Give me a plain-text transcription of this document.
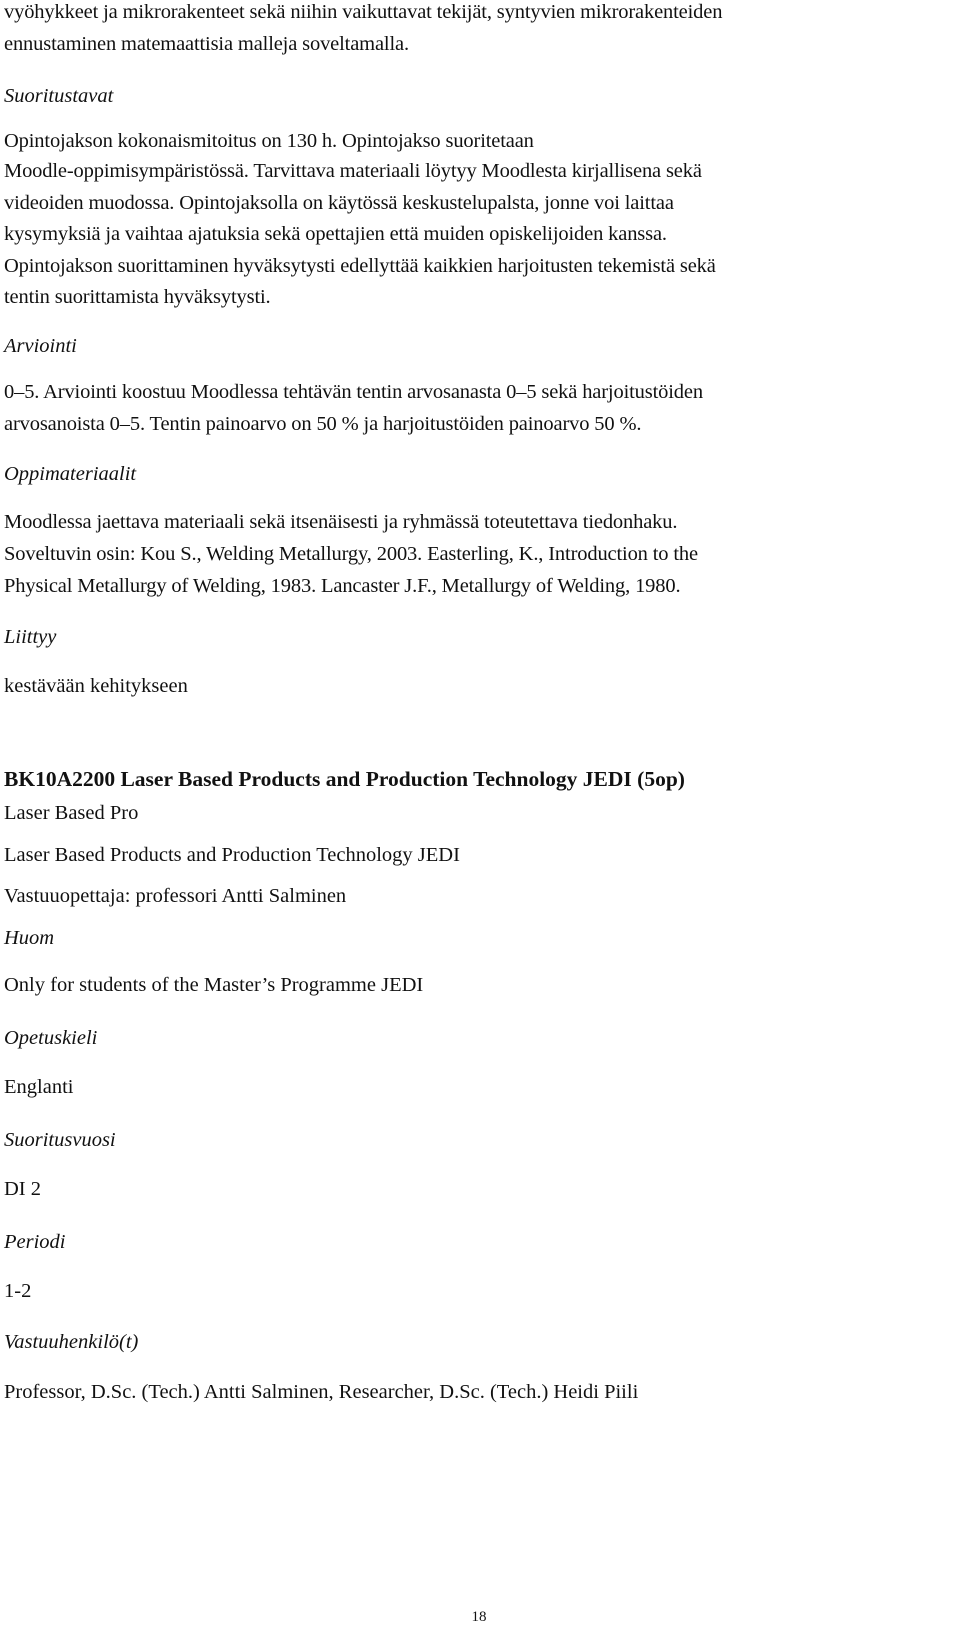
vyöhykkeet ja mikrorakenteet sekä niihin vaikuttavat tekijät, syntyvien mikrorakenteiden
ennustaminen matemaattisia malleja soveltamalla.
Suoritustavat
Opintojakson kokonaismitoitus on 130 h. Opintojakso suoritetaan
Moodle-oppimisympäristössä. Tarvittava materiaali löytyy Moodlesta kirjallisena sekä
videoiden muodossa. Opintojaksolla on käytössä keskustelupalsta, jonne voi laittaa
kysymyksiä ja vaihtaa ajatuksia sekä opettajien että muiden opiskelijoiden kanssa.
Opintojakson suorittaminen hyväksytysti edellyttää kaikkien harjoitusten tekemistä sekä
tentin suorittamista hyväksytysti.
Arviointi
0–5. Arviointi koostuu Moodlessa tehtävän tentin arvosanasta 0–5 sekä harjoitustöiden
arvosanoista 0–5. Tentin painoarvo on 50 % ja harjoitustöiden painoarvo 50 %.
Oppimateriaalit
Moodlessa jaettava materiaali sekä itsenäisesti ja ryhmässä toteutettava tiedonhaku.
Soveltuvin osin: Kou S., Welding Metallurgy, 2003. Easterling, K., Introduction to the
Physical Metallurgy of Welding, 1983. Lancaster J.F., Metallurgy of Welding, 1980.
Liittyy
kestävään kehitykseen
BK10A2200 Laser Based Products and Production Technology JEDI (5op)
Laser Based Pro
Laser Based Products and Production Technology JEDI
Vastuuopettaja: professori Antti Salminen
Huom
Only for students of the Master’s Programme JEDI
Opetuskieli
Englanti
Suoritusvuosi
DI 2
Periodi
1-2
Vastuuhenkilö(t)
Professor, D.Sc. (Tech.) Antti Salminen, Researcher, D.Sc. (Tech.) Heidi Piili
18
